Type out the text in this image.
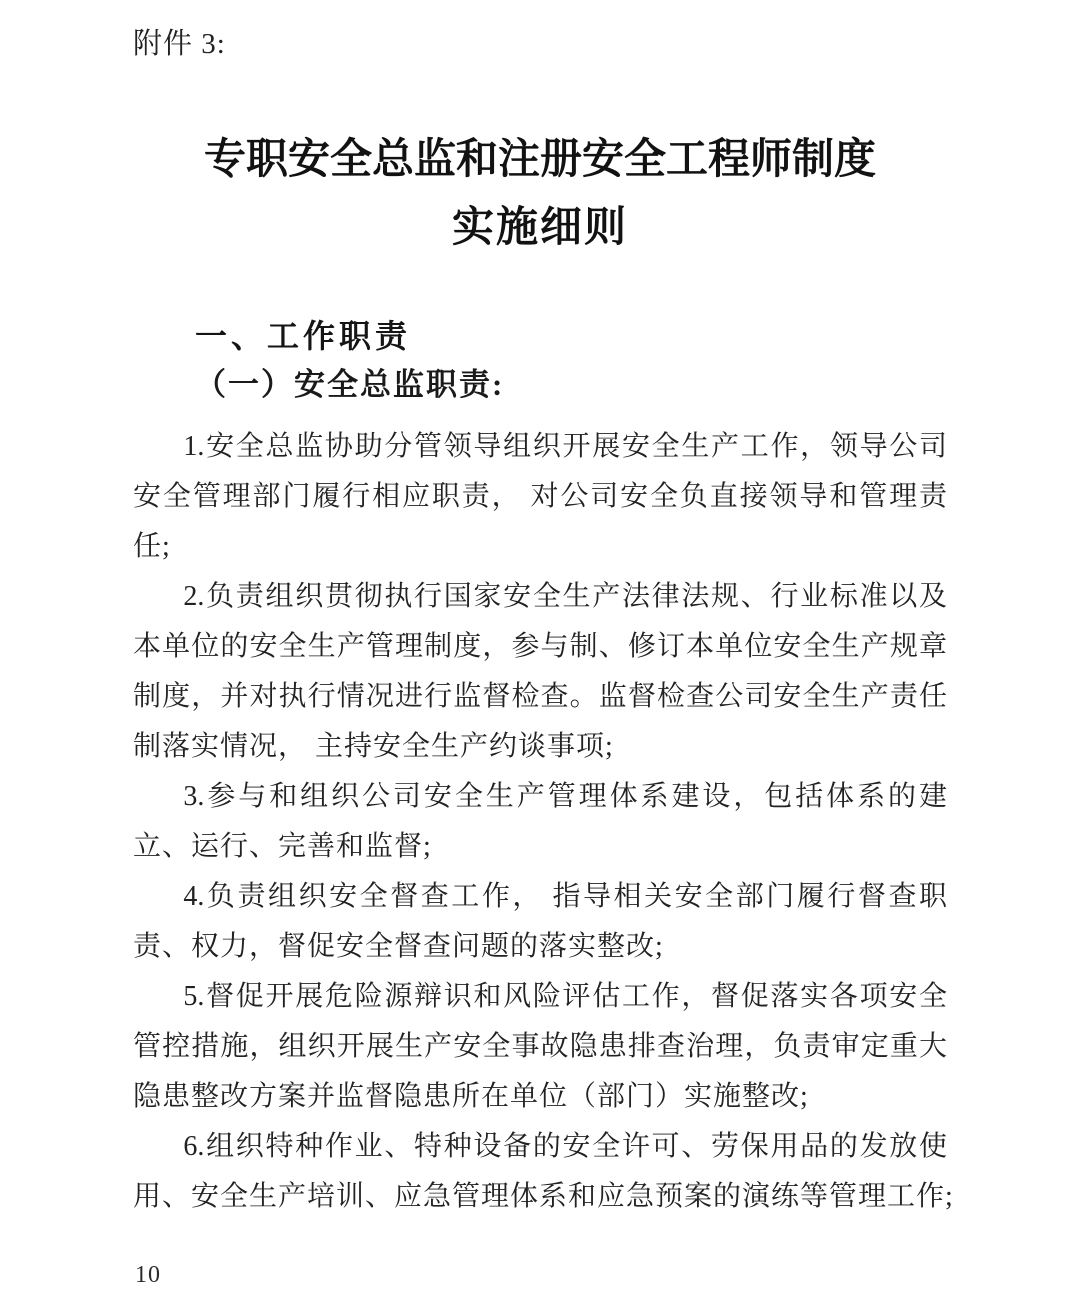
附件 3:
专职安全总监和注册安全工程师制度
实施细则
一、工作职责
（一）安全总监职责:
1.安全总监协助分管领导组织开展安全生产工作，领导公司
安全管理部门履行相应职责， 对公司安全负直接领导和管理责
任;
2.负责组织贯彻执行国家安全生产法律法规、行业标准以及
本单位的安全生产管理制度，参与制、修订本单位安全生产规章
制度，并对执行情况进行监督检查。监督检查公司安全生产责任
制落实情况， 主持安全生产约谈事项;
3.参与和组织公司安全生产管理体系建设，包括体系的建
立、运行、完善和监督;
4.负责组织安全督查工作， 指导相关安全部门履行督查职
责、权力，督促安全督查问题的落实整改;
5.督促开展危险源辩识和风险评估工作，督促落实各项安全
管控措施，组织开展生产安全事故隐患排查治理，负责审定重大
隐患整改方案并监督隐患所在单位（部门）实施整改;
6.组织特种作业、特种设备的安全许可、劳保用品的发放使
用、安全生产培训、应急管理体系和应急预案的演练等管理工作;
10
